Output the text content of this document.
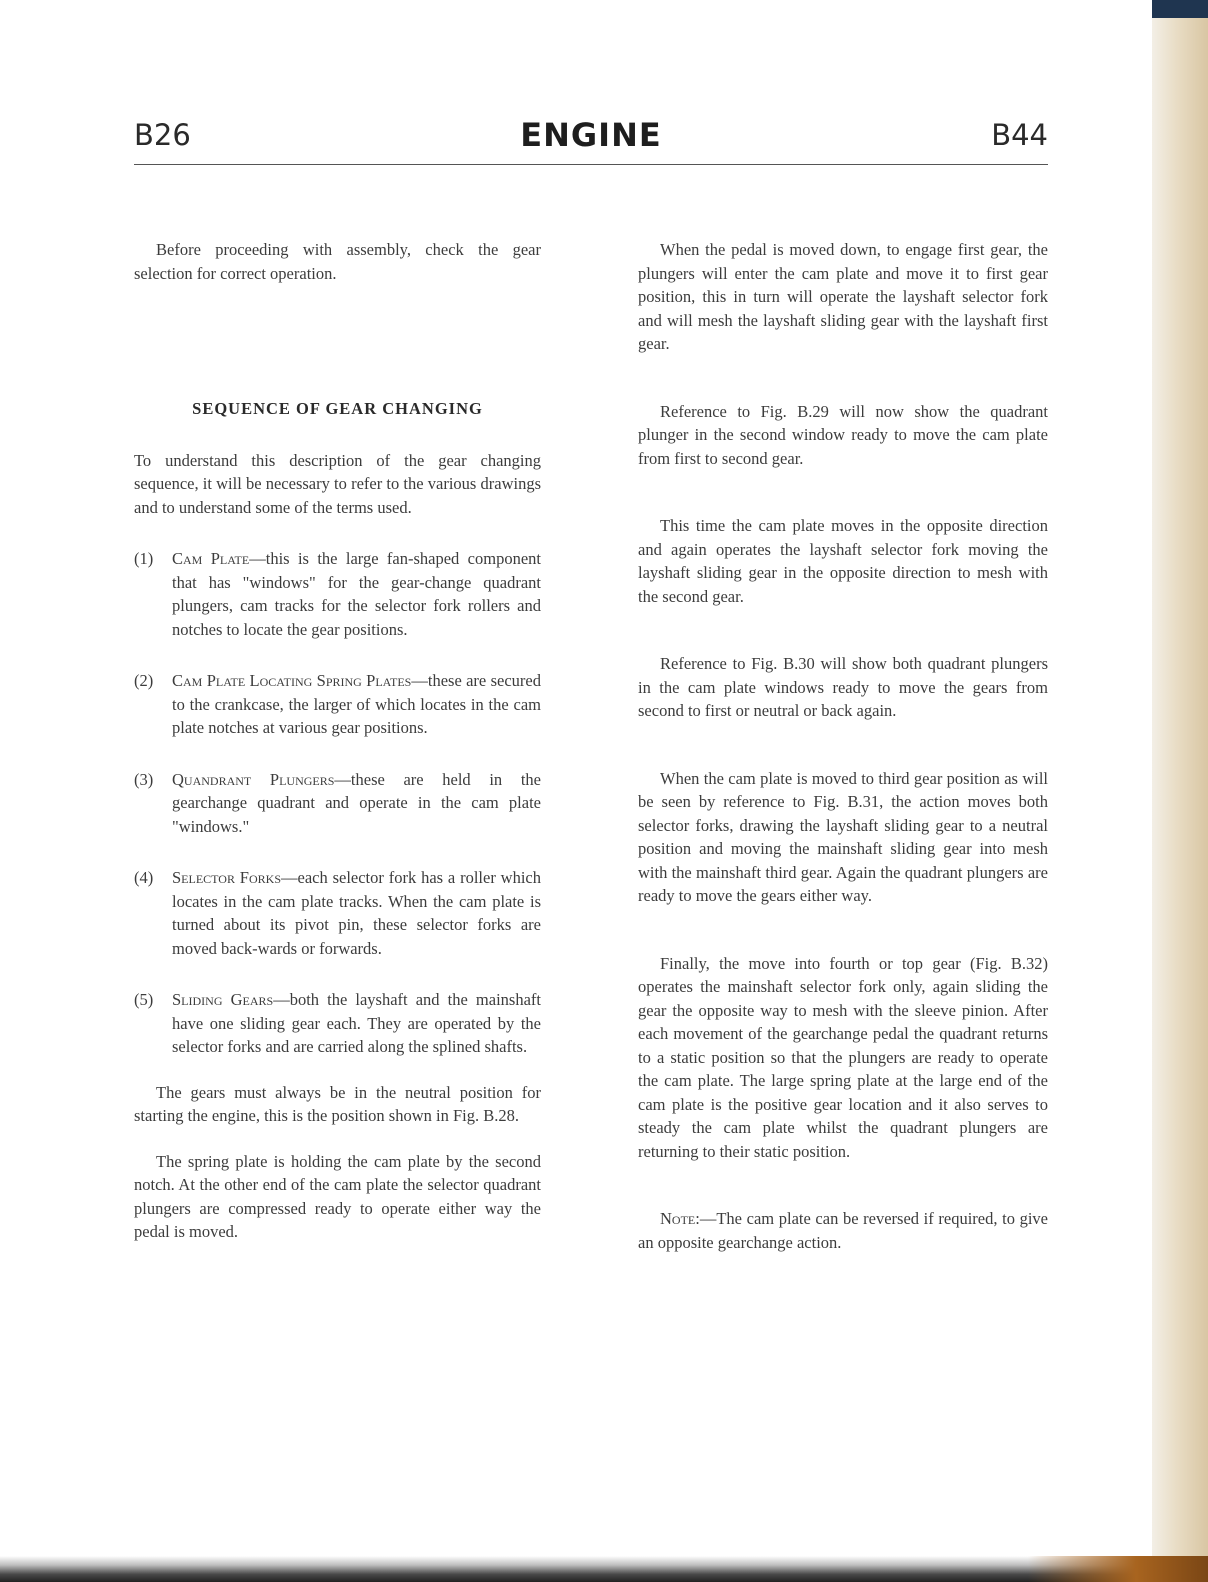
B26	ENGINE	B44

Before proceeding with assembly, check the gear selection for correct operation.

SEQUENCE OF GEAR CHANGING

To understand this description of the gear changing sequence, it will be necessary to refer to the various drawings and to understand some of the terms used.

(1) Cam Plate—this is the large fan-shaped component that has "windows" for the gear-change quadrant plungers, cam tracks for the selector fork rollers and notches to locate the gear positions.
(2) Cam Plate Locating Spring Plates—these are secured to the crankcase, the larger of which locates in the cam plate notches at various gear positions.
(3) Quandrant Plungers—these are held in the gearchange quadrant and operate in the cam plate "windows."
(4) Selector Forks—each selector fork has a roller which locates in the cam plate tracks. When the cam plate is turned about its pivot pin, these selector forks are moved back-wards or forwards.
(5) Sliding Gears—both the layshaft and the mainshaft have one sliding gear each. They are operated by the selector forks and are carried along the splined shafts.

The gears must always be in the neutral position for starting the engine, this is the position shown in Fig. B.28.

The spring plate is holding the cam plate by the second notch. At the other end of the cam plate the selector quadrant plungers are compressed ready to operate either way the pedal is moved.

When the pedal is moved down, to engage first gear, the plungers will enter the cam plate and move it to first gear position, this in turn will operate the layshaft selector fork and will mesh the layshaft sliding gear with the layshaft first gear.

Reference to Fig. B.29 will now show the quadrant plunger in the second window ready to move the cam plate from first to second gear.

This time the cam plate moves in the opposite direction and again operates the layshaft selector fork moving the layshaft sliding gear in the opposite direction to mesh with the second gear.

Reference to Fig. B.30 will show both quadrant plungers in the cam plate windows ready to move the gears from second to first or neutral or back again.

When the cam plate is moved to third gear position as will be seen by reference to Fig. B.31, the action moves both selector forks, drawing the layshaft sliding gear to a neutral position and moving the mainshaft sliding gear into mesh with the mainshaft third gear. Again the quadrant plungers are ready to move the gears either way.

Finally, the move into fourth or top gear (Fig. B.32) operates the mainshaft selector fork only, again sliding the gear the opposite way to mesh with the sleeve pinion. After each movement of the gearchange pedal the quadrant returns to a static position so that the plungers are ready to operate the cam plate. The large spring plate at the large end of the cam plate is the positive gear location and it also serves to steady the cam plate whilst the quadrant plungers are returning to their static position.

Note:—The cam plate can be reversed if required, to give an opposite gearchange action.
